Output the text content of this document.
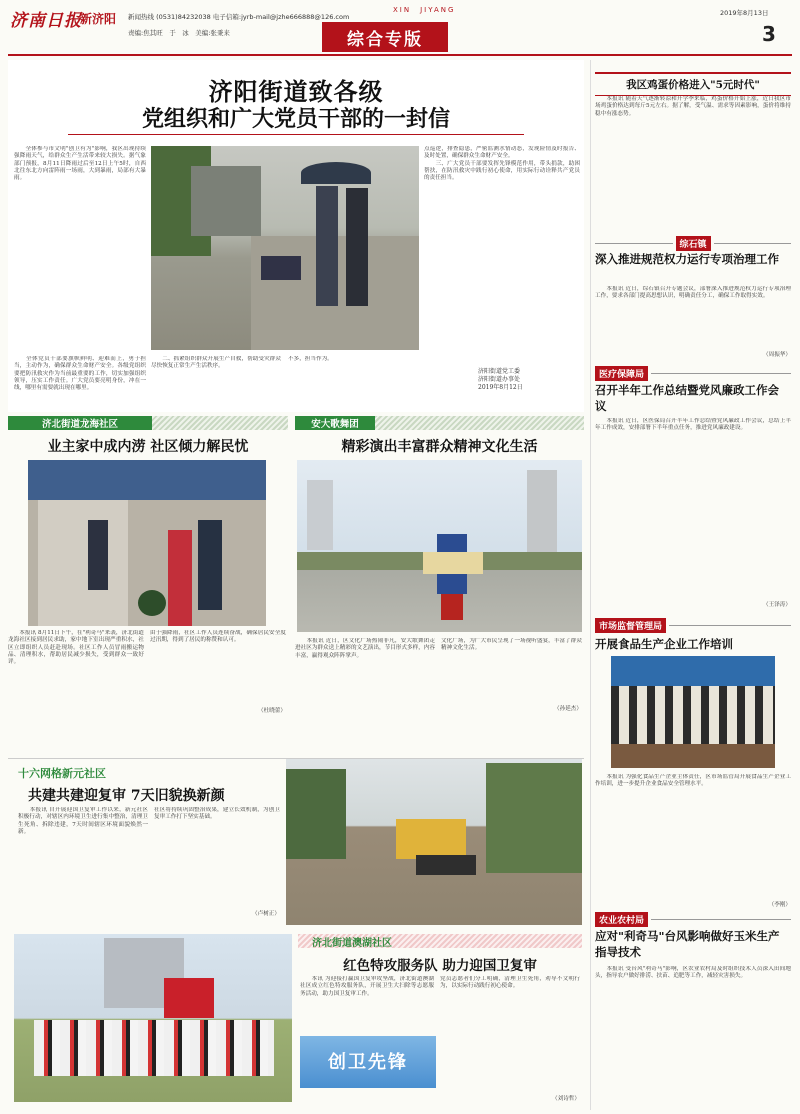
济南日报
新济阳 新闻热线 (0531)84232038 电子信箱:jyrb-mail@jzhe666888@126.com
责编:焦其旺　于　冰　 美编:张秉来
XIN　JIYANG	2019年8月13日
综合专版	3
济阳街道致各级
党组织和广大党员干部的一封信
　　全体参与市文明"创卫有为"影响，我区出现持续强降雨天气，给群众生产生活带来较大损失。据气象部门预报，8月11日降雨过后至12日上午5时，自西北往东北方向雷阵雨一场雨，大到暴雨，局部有大暴雨。
　　全体党员干部要旗帜鲜明、迎难而上，勇于担当，主动作为，确保群众生命财产安全。各级党组织要把防汛救灾作为当前最重要的工作，切实加强组织领导，压实工作责任。广大党员要亮明身份，冲在一线，哪里有需要就出现在哪里。
　　二、抓紧组织群众开展生产自救，帮助受灾群众尽快恢复正常生产生活秩序。
不多，担当作为。
点巡逻，排查隐患，严密监测水情动态，发现险情及时报告、及时处置，确保群众生命财产安全。
　　三、广大党员干部要发挥先锋模范作用，带头捐款，助困帮扶，在防汛救灾中践行初心使命，用实际行动诠释共产党员的责任担当。
济阳街道党工委
济阳街道办事处
2019年8月12日
济北街道龙海社区
业主家中成内涝 社区倾力解民忧
　　本报讯 8月11日下午，在"利奇马"来袭，济北街道龙海社区接到居民求助，家中地下室出现严重积水，社区立即组织人员赶赴现场。社区工作人员冒雨搬运物品、清理积水，帮助居民减少损失，受到群众一致好评。
由于强降雨，社区工作人员连续奋战，确保居民安全度过汛期，得到了居民的称赞和认可。
（杜晓蕾）
安大歌舞团
精彩演出丰富群众精神文化生活
　　本报讯 近日，区文化广场热闹非凡，安大歌舞团走进社区为群众送上精彩的文艺演出，节目形式多样，内容丰富，赢得观众阵阵掌声。
文化广场，为广大市民呈现了一场视听盛宴，丰富了群众精神文化生活。
（孙延杰）
十六网格新元社区
共建共建迎复审 7天旧貌换新颜
　　本报讯 自开展迎国卫复审工作以来，新元社区积极行动，对辖区内环境卫生进行集中整治，清理卫生死角、拆除违建，7天时间辖区环境面貌焕然一新。
社区将持续巩固整治成果，建立长效机制，为创卫复审工作打下坚实基础。
（卢树正）
济北街道澳湖社区
红色特攻服务队 助力迎国卫复审
　　本讯 为迎接打赢国卫复审攻坚战，济北街道澳湖社区成立红色特攻服务队，开展卫生大扫除等志愿服务活动，助力国卫复审工作。
党员志愿者们分工明确，清理卫生死角，劝导不文明行为，以实际行动践行初心使命。
创卫先锋
（刘诗哲）
我区鸡蛋价格进入"5元时代"
　　本报讯 随着天气逐渐转凉和开学季来临，鸡蛋价格开始上涨，近日我区市场鸡蛋价格达到每斤5元左右。据了解，受气温、需求等因素影响，蛋价将维持稳中有涨态势。
综石镇
深入推进规范权力运行专项治理工作
　　本报讯 近日，综石镇召开专题会议，部署深入推进规范权力运行专项治理工作，要求各部门提高思想认识，明确责任分工，确保工作取得实效。
（周振华）
医疗保障局
召开半年工作总结暨党风廉政工作会议
　　本报讯 近日，区医保局召开半年工作总结暨党风廉政工作会议，总结上半年工作成效，安排部署下半年重点任务，推进党风廉政建设。
（王泽涛）
市场监督管理局
开展食品生产企业工作培训
　　本报讯 为强化食品生产企业主体责任，区市场监管局开展食品生产企业工作培训，进一步提升企业食品安全管理水平。
（李刚）
农业农村局
应对"利奇马"台风影响做好玉米生产指导技术
　　本报讯 受台风"利奇马"影响，区农业农村局及时组织技术人员深入田间地头，指导农户做好排涝、扶苗、追肥等工作，减轻灾害损失。
